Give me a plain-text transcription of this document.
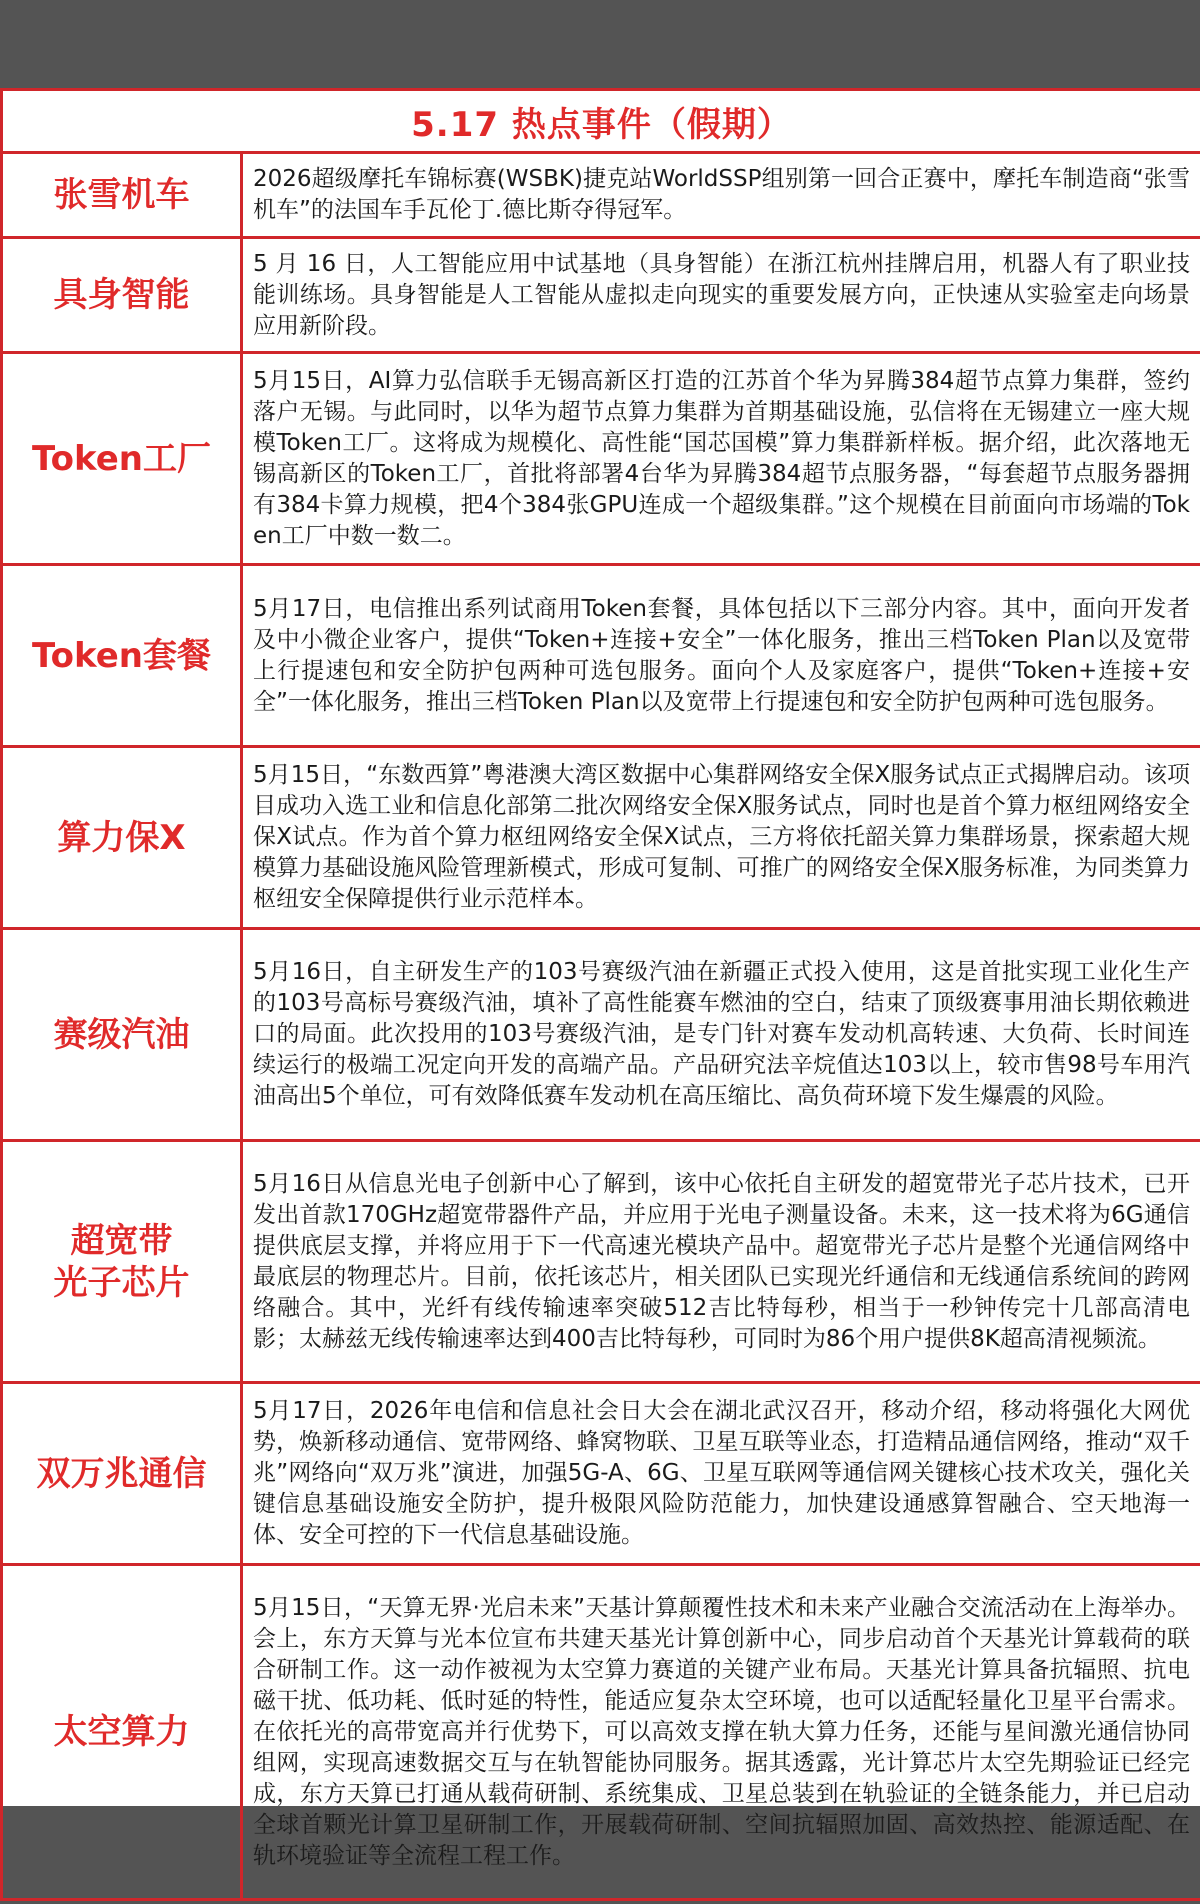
5.17 热点事件（假期）	

张雪机车	2026超级摩托车锦标赛(WSBK)捷克站WorldSSP组别第一回合正赛中，摩托车制造商“张雪机车”的法国车手瓦伦丁.德比斯夺得冠军。

具身智能	5 月 16 日，人工智能应用中试基地（具身智能）在浙江杭州挂牌启用，机器人有了职业技能训练场。具身智能是人工智能从虚拟走向现实的重要发展方向，正快速从实验室走向场景应用新阶段。

Token工厂	5月15日，AI算力弘信联手无锡高新区打造的江苏首个华为昇腾384超节点算力集群，签约落户无锡。与此同时，以华为超节点算力集群为首期基础设施，弘信将在无锡建立一座大规模Token工厂。这将成为规模化、高性能“国芯国模”算力集群新样板。据介绍，此次落地无锡高新区的Token工厂，首批将部署4台华为昇腾384超节点服务器，“每套超节点服务器拥有384卡算力规模，把4个384张GPU连成一个超级集群。”这个规模在目前面向市场端的Token工厂中数一数二。

Token套餐	5月17日，电信推出系列试商用Token套餐，具体包括以下三部分内容。其中，面向开发者及中小微企业客户，提供“Token+连接+安全”一体化服务，推出三档Token Plan以及宽带上行提速包和安全防护包两种可选包服务。面向个人及家庭客户，提供“Token+连接+安全”一体化服务，推出三档Token Plan以及宽带上行提速包和安全防护包两种可选包服务。

算力保X	5月15日，“东数西算”粤港澳大湾区数据中心集群网络安全保X服务试点正式揭牌启动。该项目成功入选工业和信息化部第二批次网络安全保X服务试点，同时也是首个算力枢纽网络安全保X试点。作为首个算力枢纽网络安全保X试点，三方将依托韶关算力集群场景，探索超大规模算力基础设施风险管理新模式，形成可复制、可推广的网络安全保X服务标准，为同类算力枢纽安全保障提供行业示范样本。

赛级汽油	5月16日，自主研发生产的103号赛级汽油在新疆正式投入使用，这是首批实现工业化生产的103号高标号赛级汽油，填补了高性能赛车燃油的空白，结束了顶级赛事用油长期依赖进口的局面。此次投用的103号赛级汽油，是专门针对赛车发动机高转速、大负荷、长时间连续运行的极端工况定向开发的高端产品。产品研究法辛烷值达103以上，较市售98号车用汽油高出5个单位，可有效降低赛车发动机在高压缩比、高负荷环境下发生爆震的风险。

超宽带
光子芯片	5月16日从信息光电子创新中心了解到，该中心依托自主研发的超宽带光子芯片技术，已开发出首款170GHz超宽带器件产品，并应用于光电子测量设备。未来，这一技术将为6G通信提供底层支撑，并将应用于下一代高速光模块产品中。超宽带光子芯片是整个光通信网络中最底层的物理芯片。目前，依托该芯片，相关团队已实现光纤通信和无线通信系统间的跨网络融合。其中，光纤有线传输速率突破512吉比特每秒，相当于一秒钟传完十几部高清电影；太赫兹无线传输速率达到400吉比特每秒，可同时为86个用户提供8K超高清视频流。

双万兆通信	5月17日，2026年电信和信息社会日大会在湖北武汉召开，移动介绍，移动将强化大网优势，焕新移动通信、宽带网络、蜂窝物联、卫星互联等业态，打造精品通信网络，推动“双千兆”网络向“双万兆”演进，加强5G-A、6G、卫星互联网等通信网关键核心技术攻关，强化关键信息基础设施安全防护，提升极限风险防范能力，加快建设通感算智融合、空天地海一体、安全可控的下一代信息基础设施。

太空算力	5月15日，“天算无界·光启未来”天基计算颠覆性技术和未来产业融合交流活动在上海举办。会上，东方天算与光本位宣布共建天基光计算创新中心，同步启动首个天基光计算载荷的联合研制工作。这一动作被视为太空算力赛道的关键产业布局。天基光计算具备抗辐照、抗电磁干扰、低功耗、低时延的特性，能适应复杂太空环境，也可以适配轻量化卫星平台需求。在依托光的高带宽高并行优势下，可以高效支撑在轨大算力任务，还能与星间激光通信协同组网，实现高速数据交互与在轨智能协同服务。据其透露，光计算芯片太空先期验证已经完成，东方天算已打通从载荷研制、系统集成、卫星总装到在轨验证的全链条能力，并已启动全球首颗光计算卫星研制工作，开展载荷研制、空间抗辐照加固、高效热控、能源适配、在轨环境验证等全流程工程工作。
